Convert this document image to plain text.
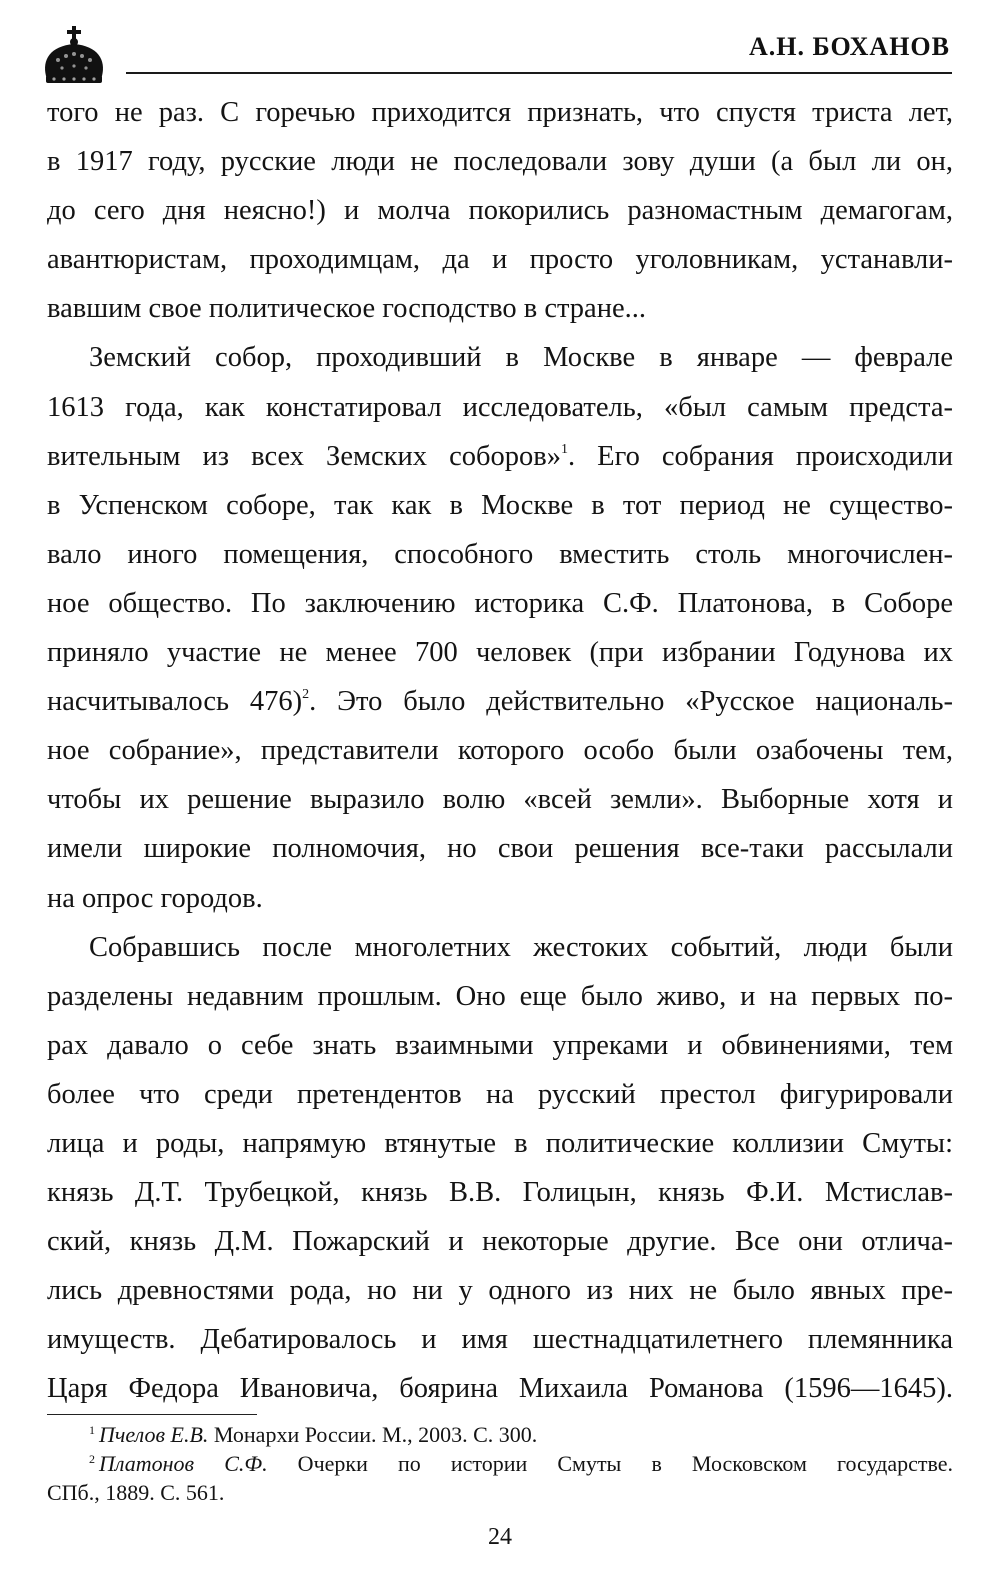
А.Н. БОХАНОВ
того не раз. С горечью приходится признать, что спустя триста лет,
в 1917 году, русские люди не последовали зову души (а был ли он,
до сего дня неясно!) и молча покорились разномастным демагогам,
авантюристам, проходимцам, да и просто уголовникам, устанавли-
вавшим свое политическое господство в стране...
Земский собор, проходивший в Москве в январе — феврале
1613 года, как констатировал исследователь, «был самым предста-
вительным из всех Земских соборов»$^1$. Его собрания происходили
в Успенском соборе, так как в Москве в тот период не существо-
вало иного помещения, способного вместить столь многочислен-
ное общество. По заключению историка С.Ф. Платонова, в Соборе
приняло участие не менее 700 человек (при избрании Годунова их
насчитывалось 476)$^2$. Это было действительно «Русское националь-
ное собрание», представители которого особо были озабочены тем,
чтобы их решение выразило волю «всей земли». Выборные хотя и
имели широкие полномочия, но свои решения все-таки рассылали
на опрос городов.
Собравшись после многолетних жестоких событий, люди были
разделены недавним прошлым. Оно еще было живо, и на первых по-
рах давало о себе знать взаимными упреками и обвинениями, тем
более что среди претендентов на русский престол фигурировали
лица и роды, напрямую втянутые в политические коллизии Смуты:
князь Д.Т. Трубецкой, князь В.В. Голицын, князь Ф.И. Мстислав-
ский, князь Д.М. Пожарский и некоторые другие. Все они отлича-
лись древностями рода, но ни у одного из них не было явных пре-
имуществ. Дебатировалось и имя шестнадцатилетнего племянника
Царя Федора Ивановича, боярина Михаила Романова (1596—1645).
$^1$ Пчелов Е.В. Монархи России. М., 2003. С. 300.
$^2$ Платонов С.Ф. Очерки по истории Смуты в Московском государстве.
СПб., 1889. С. 561.
24
